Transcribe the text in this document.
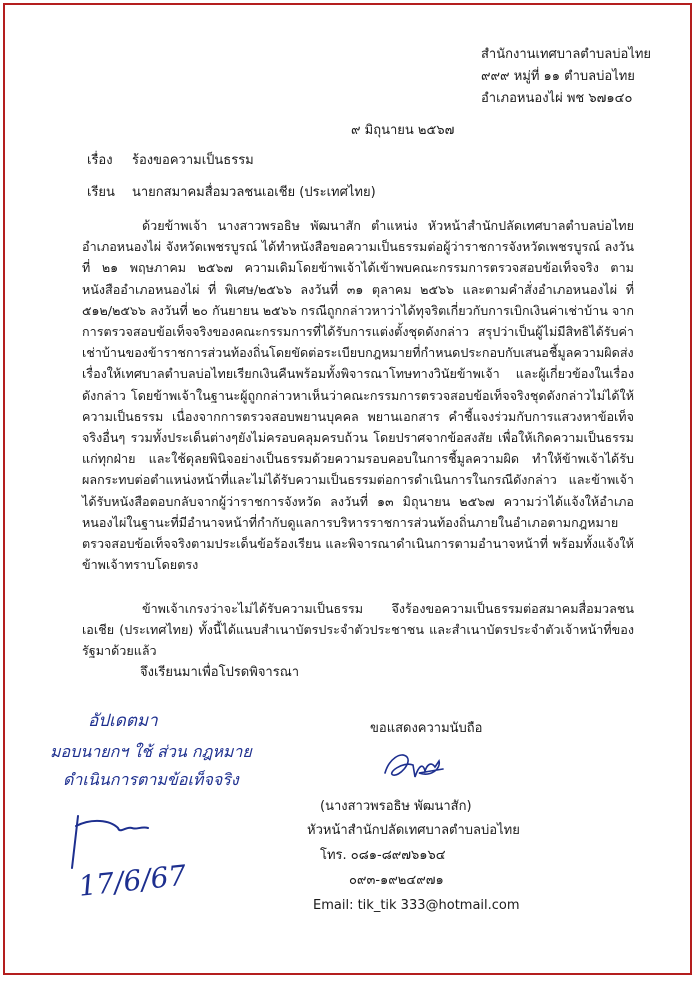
สำนักงานเทศบาลตำบลบ่อไทย
๙๙๙ หมู่ที่ ๑๑ ตำบลบ่อไทย
อำเภอหนองไผ่ พช ๖๗๑๔๐
๙ มิถุนายน ๒๕๖๗
เรื่อง ร้องขอความเป็นธรรม
เรียน นายกสมาคมสื่อมวลชนเอเชีย (ประเทศไทย)

ด้วยข้าพเจ้า นางสาวพรอธิษ พัฒนาสัก ตำแหน่ง หัวหน้าสำนักปลัดเทศบาลตำบลบ่อไทย อำเภอหนองไผ่ จังหวัดเพชรบูรณ์ ได้ทำหนังสือขอความเป็นธรรมต่อผู้ว่าราชการจังหวัดเพชรบูรณ์ ลงวันที่ ๒๑ พฤษภาคม ๒๕๖๗ ความเดิมโดยข้าพเจ้าได้เข้าพบคณะกรรมการตรวจสอบข้อเท็จจริง ตามหนังสืออำเภอหนองไผ่ ที่ พิเศษ/๒๕๖๖ ลงวันที่ ๓๑ ตุลาคม ๒๕๖๖ และตามคำสั่งอำเภอหนองไผ่ ที่ ๕๑๒/๒๕๖๖ ลงวันที่ ๒๐ กันยายน ๒๕๖๖ กรณีถูกกล่าวหาว่าได้ทุจริตเกี่ยวกับการเบิกเงินค่าเช่าบ้าน จากการตรวจสอบข้อเท็จจริงของคณะกรรมการที่ได้รับการแต่งตั้งชุดดังกล่าว สรุปว่าเป็นผู้ไม่มีสิทธิได้รับค่าเช่าบ้านของข้าราชการส่วนท้องถิ่นโดยขัดต่อระเบียบกฎหมายที่กำหนดประกอบกับเสนอชี้มูลความผิดส่งเรื่องให้เทศบาลตำบลบ่อไทยเรียกเงินคืนพร้อมทั้งพิจารณาโทษทางวินัยข้าพเจ้า และผู้เกี่ยวข้องในเรื่องดังกล่าว โดยข้าพเจ้าในฐานะผู้ถูกกล่าวหาเห็นว่าคณะกรรมการตรวจสอบข้อเท็จจริงชุดดังกล่าวไม่ได้ให้ความเป็นธรรม เนื่องจากการตรวจสอบพยานบุคคล พยานเอกสาร คำชี้แจงร่วมกับการแสวงหาข้อเท็จจริงอื่นๆ รวมทั้งประเด็นต่างๆยังไม่ครอบคลุมครบถ้วน โดยปราศจากข้อสงสัย เพื่อให้เกิดความเป็นธรรมแก่ทุกฝ่าย และใช้ดุลยพินิจอย่างเป็นธรรมด้วยความรอบคอบในการชี้มูลความผิด ทำให้ข้าพเจ้าได้รับผลกระทบต่อตำแหน่งหน้าที่และไม่ได้รับความเป็นธรรมต่อการดำเนินการในกรณีดังกล่าว และข้าพเจ้าได้รับหนังสือตอบกลับจากผู้ว่าราชการจังหวัด ลงวันที่ ๑๓ มิถุนายน ๒๕๖๗ ความว่าได้แจ้งให้อำเภอหนองไผ่ในฐานะที่มีอำนาจหน้าที่กำกับดูแลการบริหารราชการส่วนท้องถิ่นภายในอำเภอตามกฎหมาย ตรวจสอบข้อเท็จจริงตามประเด็นข้อร้องเรียน และพิจารณาดำเนินการตามอำนาจหน้าที่ พร้อมทั้งแจ้งให้ข้าพเจ้าทราบโดยตรง

ข้าพเจ้าเกรงว่าจะไม่ได้รับความเป็นธรรม จึงร้องขอความเป็นธรรมต่อสมาคมสื่อมวลชนเอเชีย (ประเทศไทย) ทั้งนี้ได้แนบสำเนาบัตรประจำตัวประชาชน และสำเนาบัตรประจำตัวเจ้าหน้าที่ของรัฐมาด้วยแล้ว

จึงเรียนมาเพื่อโปรดพิจารณา
ขอแสดงความนับถือ
(นางสาวพรอธิษ พัฒนาสัก)
หัวหน้าสำนักปลัดเทศบาลตำบลบ่อไทย
โทร. ๐๘๑-๘๙๗๖๑๖๔
๐๙๓-๑๙๒๔๙๗๑
Email: tik_tik 333@hotmail.com
อัปเดตมา
มอบนายกฯ ใช้ ส่วน กฎหมาย
ดำเนินการตามข้อเท็จจริง
17/6/67
